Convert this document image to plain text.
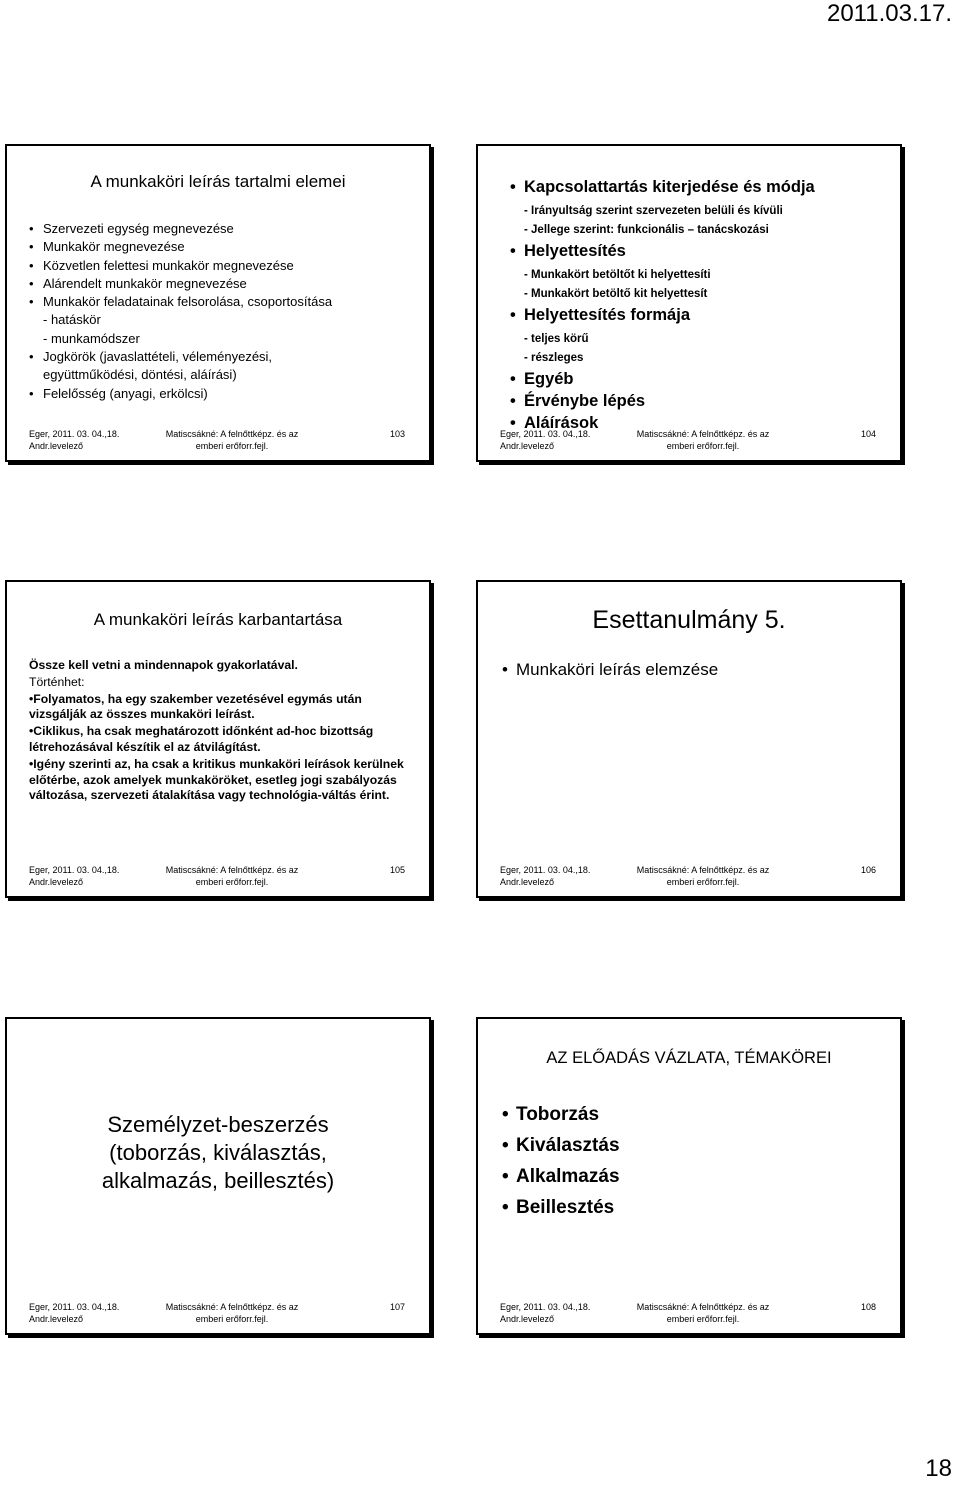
2011.03.17.
A munkaköri leírás tartalmi elemei
• Szervezeti egység megnevezése
• Munkakör megnevezése
• Közvetlen felettesi munkakör megnevezése
• Alárendelt munkakör megnevezése
• Munkakör feladatainak felsorolása, csoportosítása
- hatáskör
- munkamódszer
• Jogkörök (javaslattételi, véleményezési,
együttműködési, döntési, aláírási)
• Felelősség (anyagi, erkölcsi)
Eger, 2011. 03. 04.,18.
Andr.levelező
Matiscsákné: A felnőttképz. és az
emberi erőforr.fejl.
103
• Kapcsolattartás kiterjedése és módja
- Irányultság szerint szervezeten belüli és kívüli
- Jellege szerint: funkcionális – tanácskozási
• Helyettesítés
- Munkakört betöltőt ki helyettesíti
- Munkakört betöltő kit helyettesít
• Helyettesítés formája
- teljes körű
- részleges
• Egyéb
• Érvénybe lépés
• Aláírások
Eger, 2011. 03. 04.,18.
Andr.levelező
Matiscsákné: A felnőttképz. és az
emberi erőforr.fejl.
104
A munkaköri leírás karbantartása

Össze kell vetni a mindennapok gyakorlatával.

Történhet:

•Folyamatos, ha egy szakember vezetésével egymás után vizsgálják az összes munkaköri leírást.

•Ciklikus, ha csak meghatározott időnként ad-hoc bizottság létrehozásával készítik el az átvilágítást.

•Igény szerinti az, ha csak a kritikus munkaköri leírások kerülnek előtérbe, azok amelyek munkaköröket, esetleg jogi szabályozás változása, szervezeti átalakítása vagy technológia-váltás érint.

Eger, 2011. 03. 04.,18.
Andr.levelező
Matiscsákné: A felnőttképz. és az
emberi erőforr.fejl.
105
Esettanulmány 5.
• Munkaköri leírás elemzése
Eger, 2011. 03. 04.,18.
Andr.levelező
Matiscsákné: A felnőttképz. és az
emberi erőforr.fejl.
106
Személyzet-beszerzés
(toborzás, kiválasztás,
alkalmazás, beillesztés)
Eger, 2011. 03. 04.,18.
Andr.levelező
Matiscsákné: A felnőttképz. és az
emberi erőforr.fejl.
107
AZ ELŐADÁS VÁZLATA, TÉMAKÖREI
• Toborzás
• Kiválasztás
• Alkalmazás
• Beillesztés
Eger, 2011. 03. 04.,18.
Andr.levelező
Matiscsákné: A felnőttképz. és az
emberi erőforr.fejl.
108
18
